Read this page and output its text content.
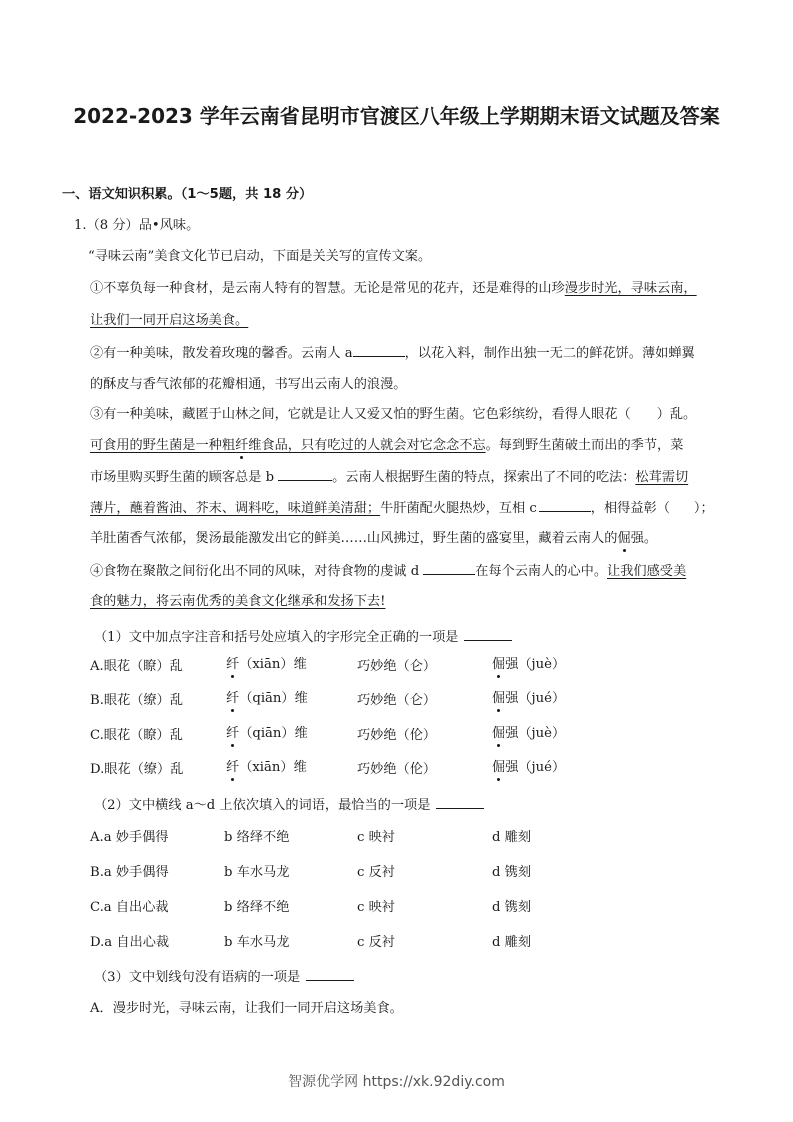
2022-2023 学年云南省昆明市官渡区八年级上学期期末语文试题及答案
一、语文知识积累。（1～5题，共 18 分）
1.（8 分）品•风味。
“寻味云南”美食文化节已启动，下面是关关写的宣传文案。
①不辜负每一种食材，是云南人特有的智慧。无论是常见的花卉，还是难得的山珍漫步时光，寻味云南，
让我们一同开启这场美食。
②有一种美味，散发着玫瑰的馨香。云南人 a	，以花入料，制作出独一无二的鲜花饼。薄如蝉翼
的酥皮与香气浓郁的花瓣相通，书写出云南人的浪漫。
③有一种美味，藏匿于山林之间，它就是让人又爱又怕的野生菌。它色彩缤纷，看得人眼花（ ）乱。
可食用的野生菌是一种粗纤维食品，只有吃过的人就会对它念念不忘。每到野生菌破土而出的季节，菜
市场里购买野生菌的顾客总是 b	。云南人根据野生菌的特点，探索出了不同的吃法：松茸需切
薄片，蘸着酱油、芥末、调料吃，味道鲜美清甜；牛肝菌配火腿热炒，互相 c	，相得益彰（ ）；
羊肚菌香气浓郁，煲汤最能激发出它的鲜美……山风拂过，野生菌的盛宴里，藏着云南人的倔强。
④食物在聚散之间衍化出不同的风味，对待食物的虔诚 d	在每个云南人的心中。让我们感受美
食的魅力，将云南优秀的美食文化继承和发扬下去!
（1）文中加点字注音和括号处应填入的字形完全正确的一项是
A.眼花（瞭）乱	纤（xiān）维	巧妙绝（仑）	倔强（juè）
B.眼花（缭）乱	纤（qiān）维	巧妙绝（仑）	倔强（jué）
C.眼花（瞭）乱	纤（qiān）维	巧妙绝（伦）	倔强（juè）
D.眼花（缭）乱	纤（xiān）维	巧妙绝（伦）	倔强（jué）
（2）文中横线 a～d 上依次填入的词语，最恰当的一项是
A.a 妙手偶得	b 络绎不绝	c 映衬	d 雕刻
B.a 妙手偶得	b 车水马龙	c 反衬	d 镌刻
C.a 自出心裁	b 络绎不绝	c 映衬	d 镌刻
D.a 自出心裁	b 车水马龙	c 反衬	d 雕刻
（3）文中划线句没有语病的一项是
A．漫步时光，寻味云南，让我们一同开启这场美食。
智源优学网 https://xk.92diy.com
